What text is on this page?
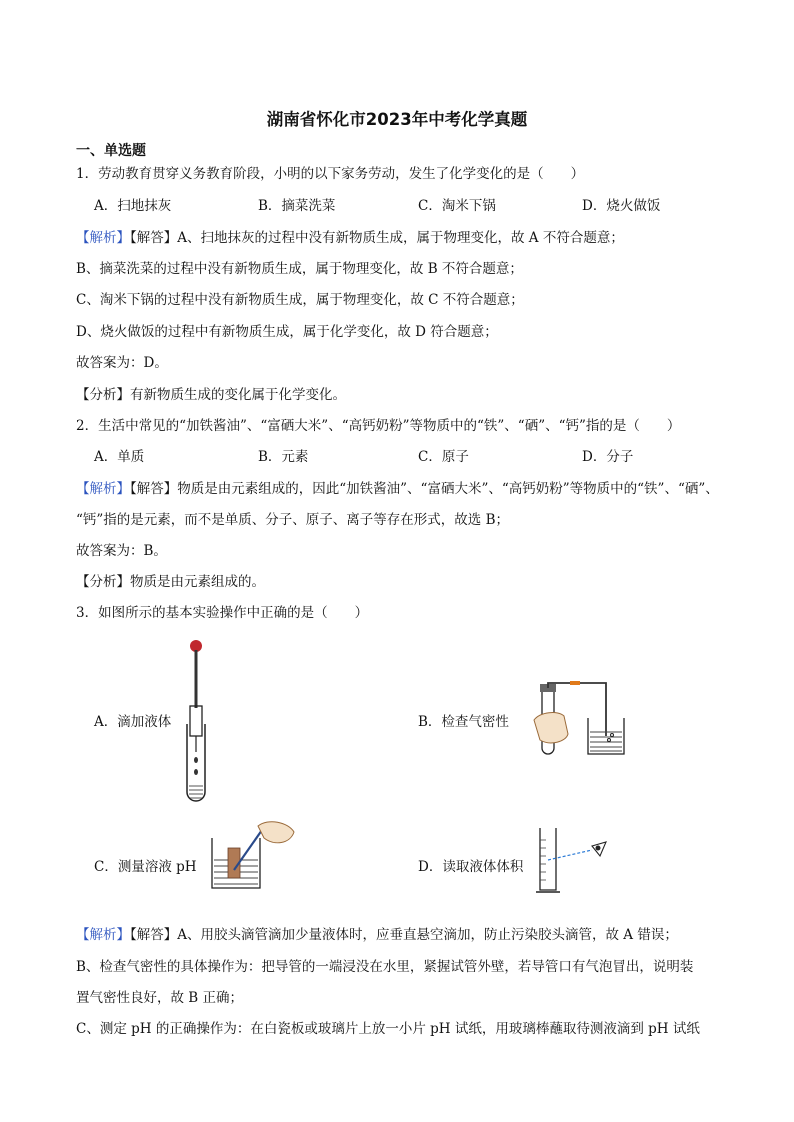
湖南省怀化市2023年中考化学真题
一、单选题
1．劳动教育贯穿义务教育阶段，小明的以下家务劳动，发生了化学变化的是（　　）
A．扫地抹灰	B．摘菜洗菜	C．淘米下锅	D．烧火做饭
【解析】【解答】A、扫地抹灰的过程中没有新物质生成，属于物理变化，故 A 不符合题意；
B、摘菜洗菜的过程中没有新物质生成，属于物理变化，故 B 不符合题意；
C、淘米下锅的过程中没有新物质生成，属于物理变化，故 C 不符合题意；
D、烧火做饭的过程中有新物质生成，属于化学变化，故 D 符合题意；
故答案为：D。
【分析】有新物质生成的变化属于化学变化。
2．生活中常见的“加铁酱油”、“富硒大米”、“高钙奶粉”等物质中的“铁”、“硒”、“钙”指的是（　　）
A．单质	B．元素	C．原子	D．分子
【解析】【解答】物质是由元素组成的，因此“加铁酱油”、“富硒大米”、“高钙奶粉”等物质中的“铁”、“硒”、
“钙”指的是元素，而不是单质、分子、原子、离子等存在形式，故选 B；
故答案为：B。
【分析】物质是由元素组成的。
3．如图所示的基本实验操作中正确的是（　　）
A．滴加液体	B．检查气密性
C．测量溶液 pH	D．读取液体体积
【解析】【解答】A、用胶头滴管滴加少量液体时，应垂直悬空滴加，防止污染胶头滴管，故 A 错误；
B、检查气密性的具体操作为：把导管的一端浸没在水里，紧握试管外壁，若导管口有气泡冒出，说明装
置气密性良好，故 B 正确；
C、测定 pH 的正确操作为：在白瓷板或玻璃片上放一小片 pH 试纸，用玻璃棒蘸取待测液滴到 pH 试纸
